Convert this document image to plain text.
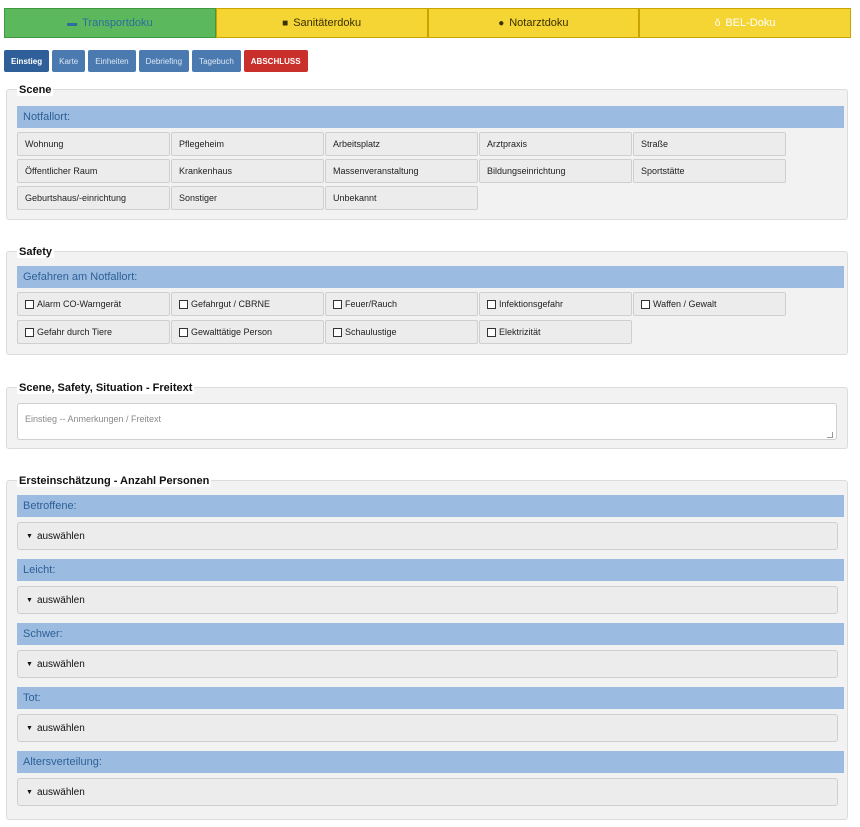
▬ Transportdoku	■ Sanitäterdoku	● Notarztdoku	ǒ BEL-Doku
Einstieg	Karte	Einheiten	Debriefing	Tagebuch	ABSCHLUSS
Scene
Notfallort:
Wohnung	Pflegeheim	Arbeitsplatz	Arztpraxis	Straße
Öffentlicher Raum	Krankenhaus	Massenveranstaltung	Bildungseinrichtung	Sportstätte
Geburtshaus/-einrichtung	Sonstiger	Unbekannt
Safety
Gefahren am Notfallort:
Alarm CO-Warngerät	Gefahrgut / CBRNE	Feuer/Rauch	Infektionsgefahr	Waffen / Gewalt
Gefahr durch Tiere	Gewalttätige Person	Schaulustige	Elektrizität
Scene, Safety, Situation - Freitext
Einstieg -- Anmerkungen / Freitext
Ersteinschätzung - Anzahl Personen
Betroffene:
▼ auswählen
Leicht:
▼ auswählen
Schwer:
▼ auswählen
Tot:
▼ auswählen
Altersverteilung:
▼ auswählen
